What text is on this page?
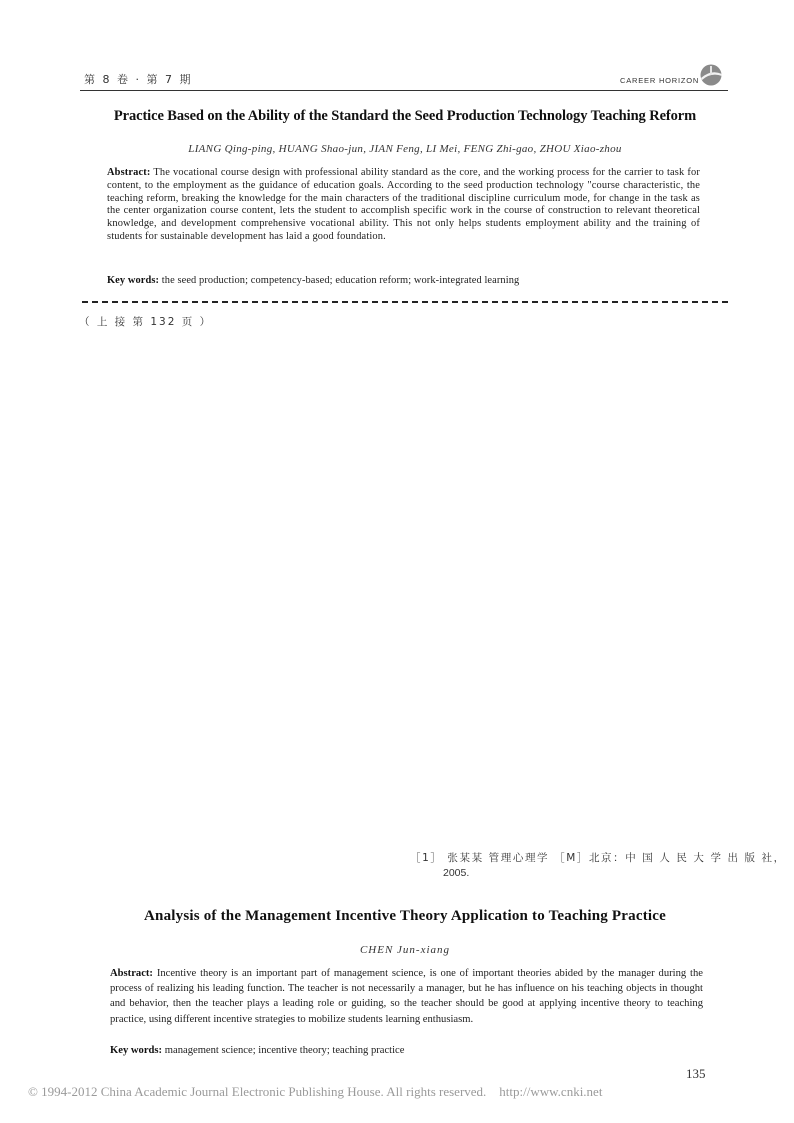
第 8 卷 · 第 7 期	CAREER HORIZON
Practice Based on the Ability of the Standard the Seed Production Technology Teaching Reform
LIANG Qing-ping, HUANG Shao-jun, JIAN Feng, LI Mei, FENG Zhi-gao, ZHOU Xiao-zhou
Abstract: The vocational course design with professional ability standard as the core, and the working process for the carrier to task for content, to the employment as the guidance of education goals. According to the seed production technology "course characteristic, the teaching reform, breaking the knowledge for the main characters of the traditional discipline curriculum mode, for change in the task as the center organization course content, lets the student to accomplish specific work in the course of construction to relevant theoretical knowledge, and development comprehensive vocational ability. This not only helps students employment ability and the training of students for sustainable development has laid a good foundation.
Key words: the seed production; competency-based; education reform; work-integrated learning
（ 上 接 第 132 页 ）
［1］ 张某某 管理心理学 ［M］北京：中 国 人 民 大 学 出 版 社，
2005.
Analysis of the Management Incentive Theory Application to Teaching Practice
CHEN Jun-xiang
Abstract: Incentive theory is an important part of management science, is one of important theories abided by the manager during the process of realizing his leading function. The teacher is not necessarily a manager, but he has influence on his teaching objects in thought and behavior, then the teacher plays a leading role or guiding, so the teacher should be good at applying incentive theory to teaching practice, using different incentive strategies to mobilize students learning enthusiasm.
Key words: management science; incentive theory; teaching practice
135
© 1994-2012 China Academic Journal Electronic Publishing House. All rights reserved.    http://www.cnki.net
